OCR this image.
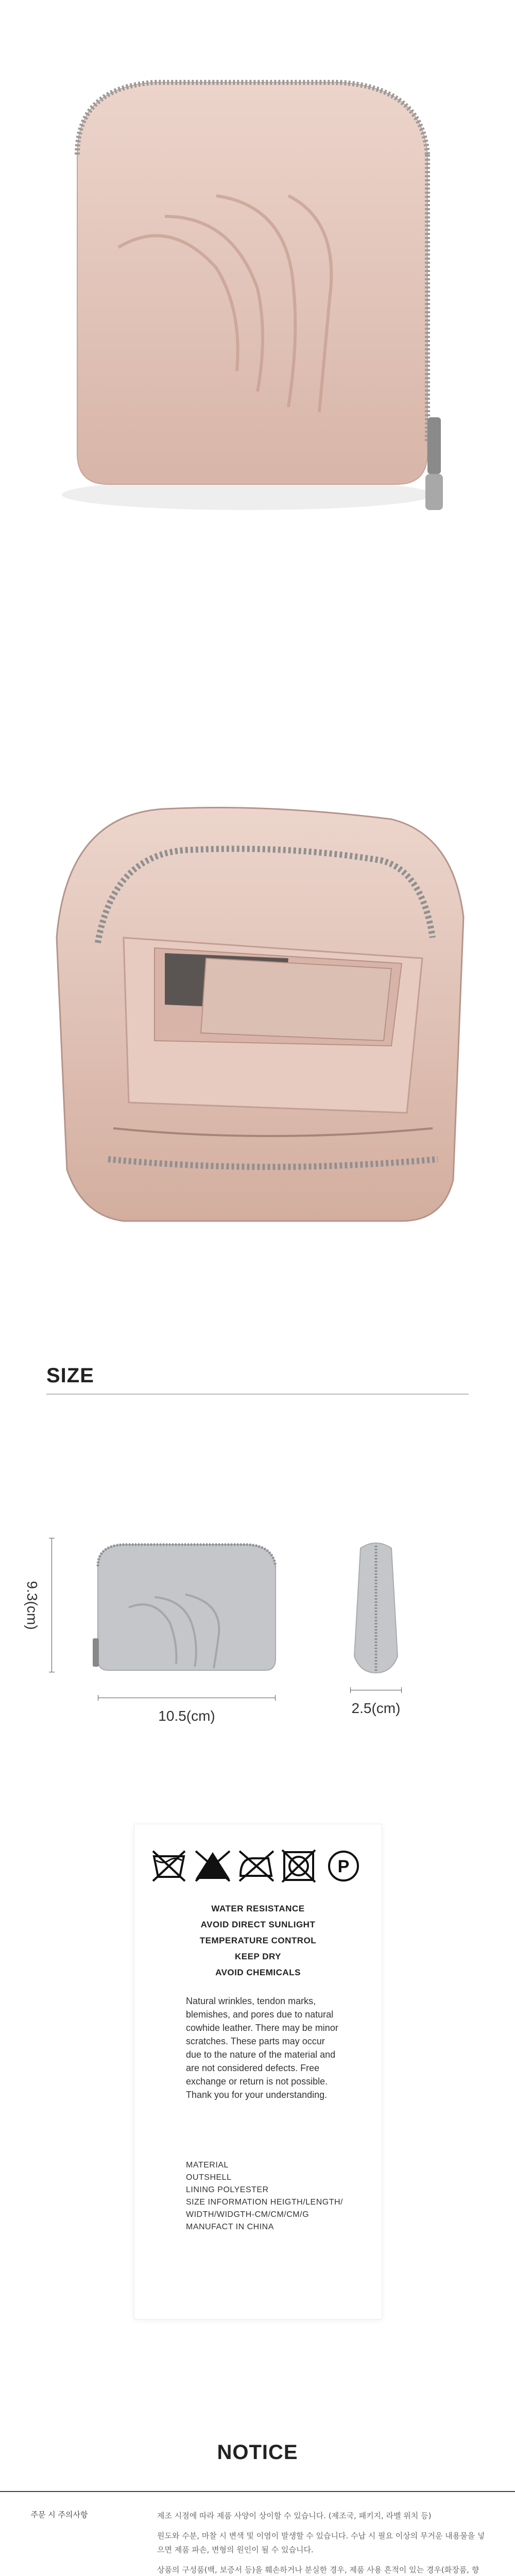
SIZE
9.3(cm)
10.5(cm)	2.5(cm)
P
WATER RESISTANCE
AVOID DIRECT SUNLIGHT
TEMPERATURE CONTROL
KEEP DRY
AVOID CHEMICALS
Natural wrinkles, tendon marks, blemishes, and pores due to natural cowhide leather. There may be minor scratches. These parts may occur due to the nature of the material and are not considered defects. Free exchange or return is not possible. Thank you for your understanding.
MATERIAL
OUTSHELL
LINING POLYESTER
SIZE INFORMATION HEIGTH/LENGTH/
WIDTH/WIDGTH-CM/CM/CM/G
MANUFACT IN CHINA
NOTICE
주문 시 주의사항	제조 시점에 따라 제품 사양이 상이할 수 있습니다. (제조국, 패키지, 라벨 위치 등)

원도와 수분, 마찰 시 변색 및 이염이 발생할 수 있습니다. 수납 시 필요 이상의 무거운 내용물을 넣으면 제품 파손, 변형의 원인이 될 수 있습니다.

상품의 구성품(백, 보증서 등)을 훼손하거나 분실한 경우, 제품 사용 흔적이 있는 경우(화장품, 향
